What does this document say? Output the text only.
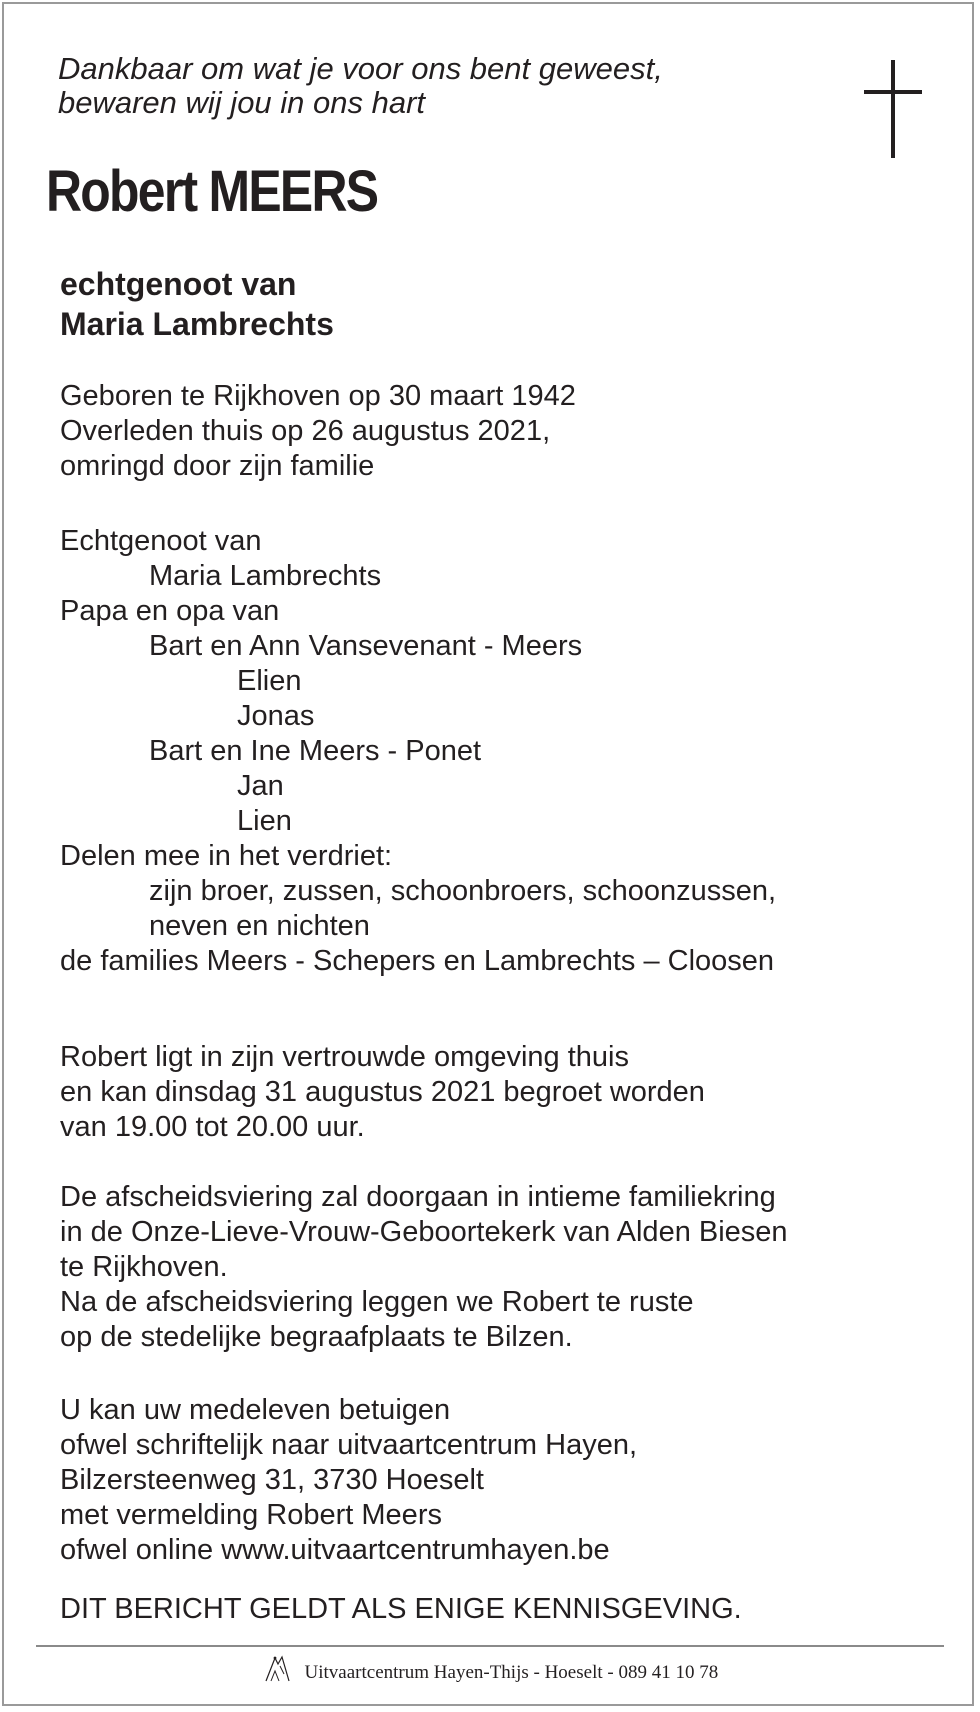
Dankbaar om wat je voor ons bent geweest,
bewaren wij jou in ons hart
Robert MEERS
echtgenoot van
Maria Lambrechts
Geboren te Rijkhoven op 30 maart 1942
Overleden thuis op 26 augustus 2021,
omringd door zijn familie
Echtgenoot van
Maria Lambrechts
Papa en opa van
Bart en Ann Vansevenant - Meers
Elien
Jonas
Bart en Ine Meers - Ponet
Jan
Lien
Delen mee in het verdriet:
zijn broer, zussen, schoonbroers, schoonzussen,
neven en nichten
de families Meers - Schepers en Lambrechts – Cloosen
Robert ligt in zijn vertrouwde omgeving thuis
en kan dinsdag 31 augustus 2021 begroet worden
van 19.00 tot 20.00 uur.
De afscheidsviering zal doorgaan in intieme familiekring
in de Onze-Lieve-Vrouw-Geboortekerk van Alden Biesen
te Rijkhoven.
Na de afscheidsviering leggen we Robert te ruste
op de stedelijke begraafplaats te Bilzen.
U kan uw medeleven betuigen
ofwel schriftelijk naar uitvaartcentrum Hayen,
Bilzersteenweg 31, 3730 Hoeselt
met vermelding Robert Meers
ofwel online www.uitvaartcentrumhayen.be
DIT BERICHT GELDT ALS ENIGE KENNISGEVING.
Uitvaartcentrum Hayen-Thijs - Hoeselt - 089 41 10 78
